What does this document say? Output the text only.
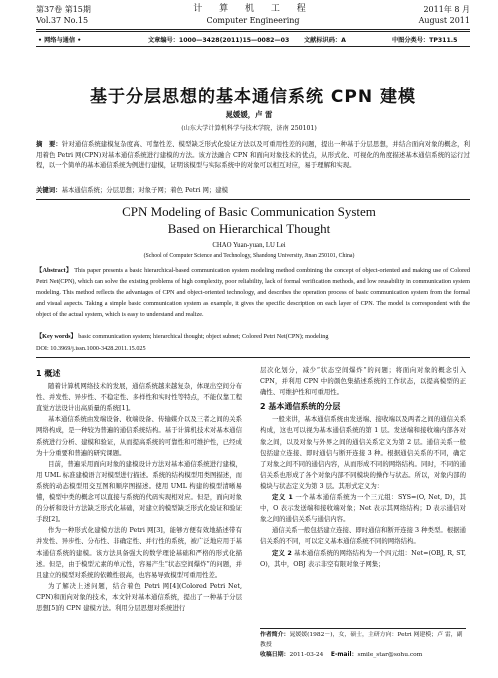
第37卷 第15期
Vol.37 No.15
计 算 机 工 程
Computer Engineering
2011年 8 月
August 2011
• 网络与通信 •	文章编号：1000—3428(2011)15—0082—03 文献标识码：A	中图分类号：TP311.5
基于分层思想的基本通信系统 CPN 建模
晁媛媛，卢 雷
(山东大学计算机科学与技术学院，济南 250101)
摘　要：针对通信系统建模复杂度高、可靠性差、模型缺乏形式化验证方法以及可重用性差的问题，提出一种基于分层思想，并结合面向对象的概念，利用着色 Petri 网(CPN)对基本通信系统进行建模的方法。该方法融合 CPN 和面向对象技术的优点，从形式化、可视化的角度描述基本通信系统的运行过程，以一个简单的基本通信系统为例进行建模，证明该模型与实际系统中的对象可以相互对应，易于理解和实现。
关键词：基本通信系统；分层思想；对象子网；着色 Petri 网；建模
CPN Modeling of Basic Communication System
Based on Hierarchical Thought
CHAO Yuan-yuan, LU Lei
(School of Computer Science and Technology, Shandong University, Jinan 250101, China)
【Abstract】 This paper presents a basic hierarchical-based communication system modeling method combining the concept of object-oriented and making use of Colored Petri Net(CPN), which can solve the existing problems of high complexity, poor reliability, lack of formal verification methods, and low reusability in communication system modeling. This method reflects the advantages of CPN and object-oriented technology, and describes the operation process of basic communication system from the formal and visual aspects. Taking a simple basic communication system as example, it gives the specific description on each layer of CPN. The model is correspondent with the object of the actual system, which is easy to understand and realize.
【Key words】 basic communication system; hierarchical thought; object subnet; Colored Petri Net(CPN); modeling
DOI: 10.3969/j.issn.1000-3428.2011.15.025

1 概述

随着计算机网络技术的发展，通信系统越来越复杂，体现出空间分布性、并发性、异步性、不稳定性、多样性和实时性等特点，不能仅靠工程直觉方法设计出高质量的系统[1]。

基本通信系统由发端设备、收端设备、传输媒介以及三者之间的关系网络构成，是一种较为普遍的通信系统结构。基于计算机技术对基本通信系统进行分析、建模和验证，从而提高系统的可靠性和可维护性，已经成为十分重要和普遍的研究课题。

目前，普遍采用面向对象的建模设计方法对基本通信系统进行建模，用 UML 标准建模语言对模型进行描述。系统的结构模型用类图描述，而系统的动态模型用交互图和顺序图描述。使用 UML 构建的模型清晰易懂，模型中类的概念可以直接与系统的代码实现相对应。但是，面向对象的分析和设计方法缺乏形式化基础，对建立的模型缺乏形式化验证和验证手段[2]。

作为一种形式化建模方法的 Petri 网[3]，能够方便有效地描述带有并发性、异步性、分布性、非确定性、并行性的系统，被广泛地应用于基本通信系统的建模。该方法具备强大的数学理论基础和严格的形式化描述。但是，由于模型元素的单元性，容易产生“状态空间爆炸”的问题，并且建立的模型对系统的依赖性很高，也容易导致模型可重用性差。

为了解决上述问题，结合着色 Petri 网[4](Colored Petri Net, CPN)和面向对象的技术，本文针对基本通信系统，提出了一种基于分层思想[5]的 CPN 建模方法。利用分层思想对系统进行

层次化划分，减少“状态空间爆炸”的问题；将面向对象的概念引入 CPN，并利用 CPN 中的颜色集描述系统的工作状态，以提高模型的正确性、可维护性和可重用性。

2 基本通信系统的分层

一般来讲，基本通信系统由发送端、接收端以及两者之间的通信关系构成，这也可以视为基本通信系统的第 1 层。发送端和接收端内部各对象之间，以及对象与外界之间的通信关系定义为第 2 层。通信关系一般包括建立连接、即时通信与断开连接 3 种。根据通信关系的不同，确定了对象之间不同的通信内容，从而形成不同的网络结构。同时，不同的通信关系也形成了各个对象内部不同模块的操作与状态。所以，对象内部的模块与状态定义为第 3 层。其形式定义为：

定义 1 一个基本通信系统为一个三元组：SYS=(O, Net, D)，其中，O 表示发送端和接收端对象；Net 表示其网络结构；D 表示通信对象之间的通信关系与通信内容。

通信关系一般包括建立连接、即时通信和断开连接 3 种类型。根据通信关系的不同，可以定义基本通信系统不同的网络结构。

定义 2 基本通信系统的网络结构为一个四元组：Net=(OBJ, R, ST, O)，其中，OBJ 表示非空有限对象子网集；

作者简介：晁媛媛(1982－)，女，硕士，主研方向：Petri 网建模；卢 雷，副教授
收稿日期：2011-03-24 E-mail：smile_star@sohu.com
